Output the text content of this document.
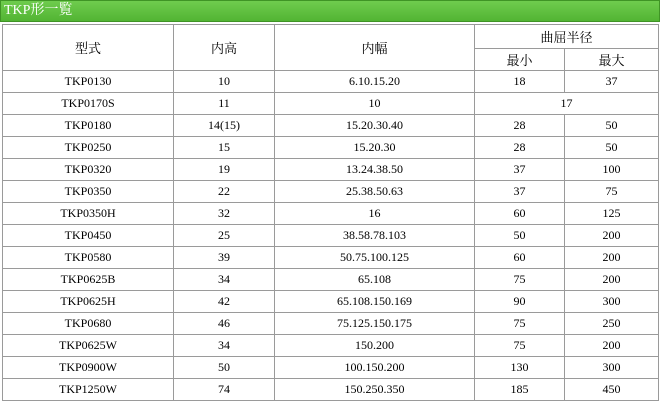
TKP形一覧
型式	内高	内幅	曲屈半径	
			最小	最大
TKP0130	10	6.10.15.20	18	37
TKP0170S	11	10	17	
TKP0180	14(15)	15.20.30.40	28	50
TKP0250	15	15.20.30	28	50
TKP0320	19	13.24.38.50	37	100
TKP0350	22	25.38.50.63	37	75
TKP0350H	32	16	60	125
TKP0450	25	38.58.78.103	50	200
TKP0580	39	50.75.100.125	60	200
TKP0625B	34	65.108	75	200
TKP0625H	42	65.108.150.169	90	300
TKP0680	46	75.125.150.175	75	250
TKP0625W	34	150.200	75	200
TKP0900W	50	100.150.200	130	300
TKP1250W	74	150.250.350	185	450
